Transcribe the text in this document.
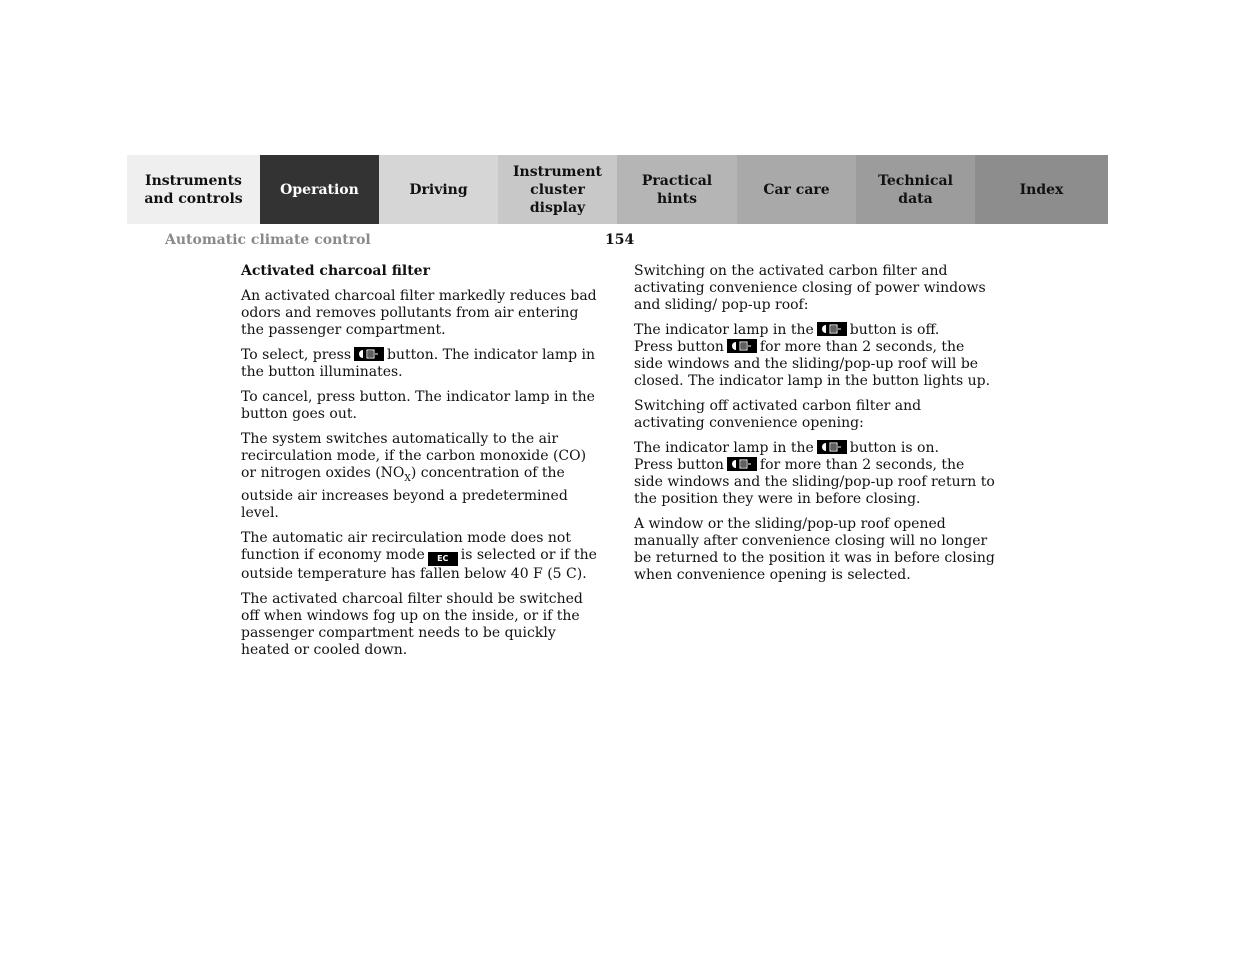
Instruments
and controls
Operation	Driving
Instrument
cluster display
Practical hints
Car care
Technical
data
Index
Automatic climate control	154
Activated charcoal filter

An activated charcoal filter markedly reduces bad odors and removes pollutants from air entering the passenger compartment.

To select, press	button. The indicator lamp in the button illuminates.

To cancel, press button. The indicator lamp in the button goes out.

The system switches automatically to the air recirculation mode, if the carbon monoxide (CO) or nitrogen oxides $(NO_X)$ concentration of the outside air increases beyond a predetermined level.

The automatic air recirculation mode does not function if economy mode EC is selected or if the outside temperature has fallen below 40 F (5 C).

The activated charcoal filter should be switched off when windows fog up on the inside, or if the passenger compartment needs to be quickly heated or cooled down.

Switching on the activated carbon filter and activating convenience closing of power windows and sliding/ pop-up roof:

The indicator lamp in the	button is off.
Press button	for more than 2 seconds, the side windows and the sliding/pop-up roof will be closed. The indicator lamp in the button lights up.

Switching off activated carbon filter and activating convenience opening:

The indicator lamp in the	button is on.
Press button	for more than 2 seconds, the side windows and the sliding/pop-up roof return to the position they were in before closing.

A window or the sliding/pop-up roof opened manually after convenience closing will no longer be returned to the position it was in before closing when convenience opening is selected.
